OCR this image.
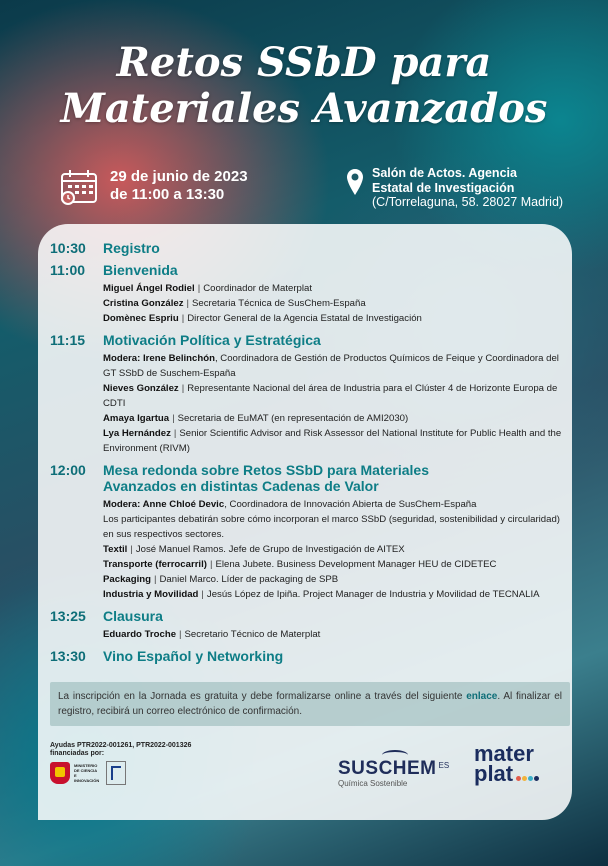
Retos SSbD para
Materiales Avanzados
29 de junio de 2023
de 11:00 a 13:30
Salón de Actos. Agencia
Estatal de Investigación
(C/Torrelaguna, 58. 28027 Madrid)
10:30 Registro
11:00 Bienvenida
Miguel Ángel Rodiel | Coordinador de Materplat
Cristina González | Secretaria Técnica de SusChem-España
Domènec Espriu | Director General de la Agencia Estatal de Investigación
11:15 Motivación Política y Estratégica
Modera: Irene Belinchón, Coordinadora de Gestión de Productos Químicos de Feique y Coordinadora del GT SSbD de Suschem-España
Nieves González | Representante Nacional del área de Industria para el Clúster 4 de Horizonte Europa de CDTI
Amaya Igartua | Secretaria de EuMAT (en representación de AMI2030)
Lya Hernández | Senior Scientific Advisor and Risk Assessor del National Institute for Public Health and the Environment (RIVM)
12:00 Mesa redonda sobre Retos SSbD para Materiales
Avanzados en distintas Cadenas de Valor
Modera: Anne Chloé Devic, Coordinadora de Innovación Abierta de SusChem-España
Los participantes debatirán sobre cómo incorporan el marco SSbD (seguridad, sostenibilidad y circularidad) en sus respectivos sectores.
Textil | José Manuel Ramos. Jefe de Grupo de Investigación de AITEX
Transporte (ferrocarril) | Elena Jubete. Business Development Manager HEU de CIDETEC
Packaging | Daniel Marco. Líder de packaging de SPB
Industria y Movilidad | Jesús López de Ipiña. Project Manager de Industria y Movilidad de TECNALIA
13:25 Clausura
Eduardo Troche | Secretario Técnico de Materplat
13:30 Vino Español y Networking
La inscripción en la Jornada es gratuita y debe formalizarse online a través del siguiente enlace. Al finalizar el registro, recibirá un correo electrónico de confirmación.
Ayudas PTR2022-001261, PTR2022-001326
financiadas por:
MINISTERIO DE CIENCIA E INNOVACIÓN
SUSCHEM $^{ES}$
Química Sostenible
mater
plat
